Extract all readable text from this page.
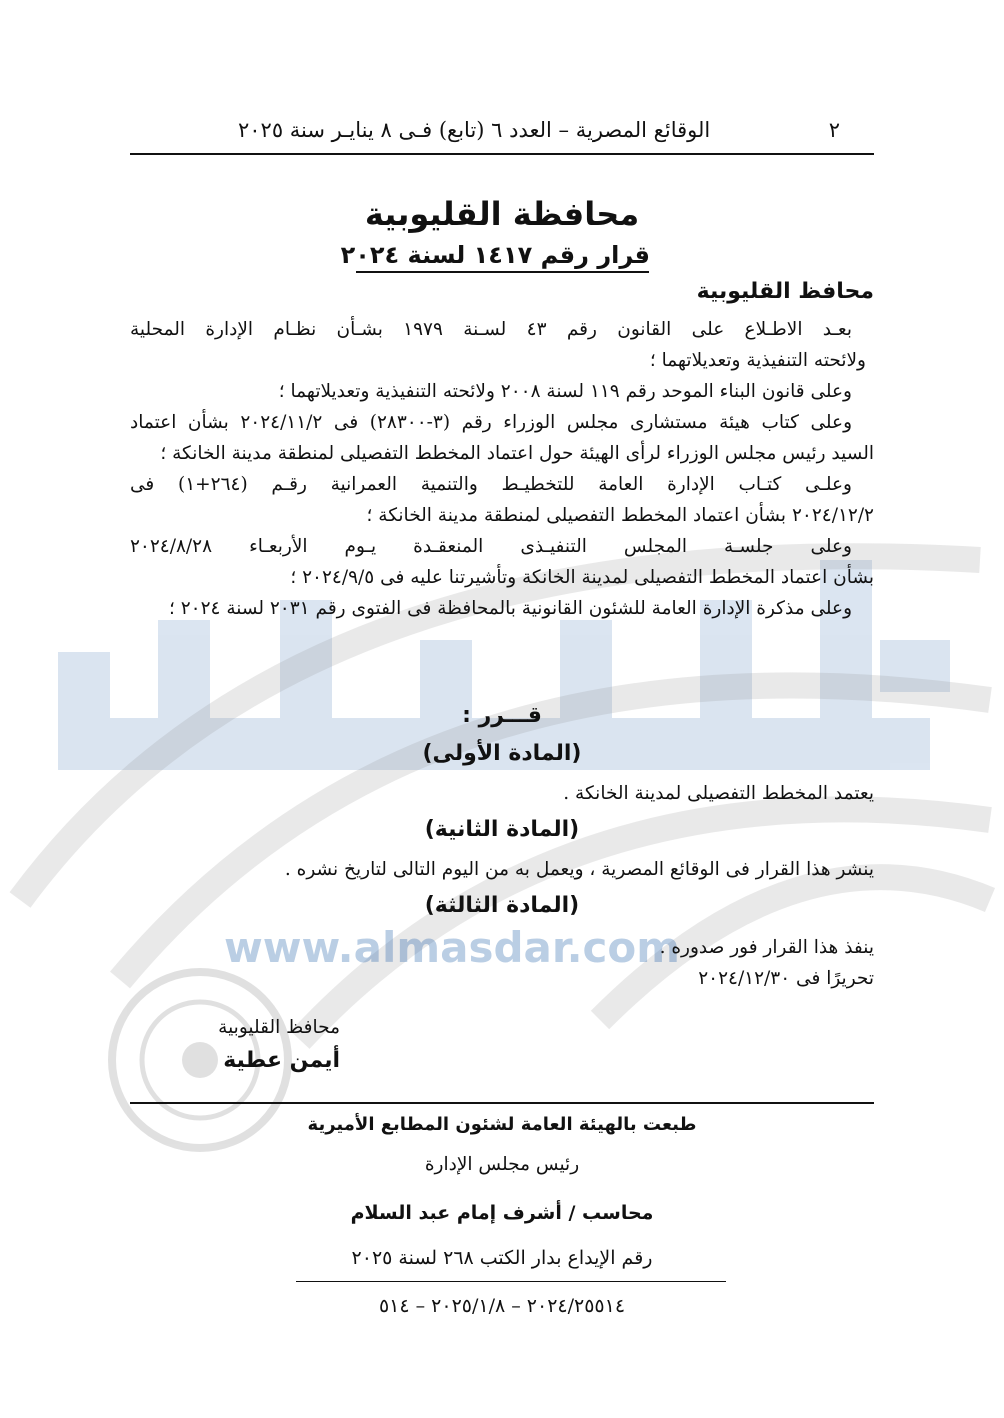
www.almasdar.com
٢
الوقائع المصرية – العدد ٦ (تابع) فـى ٨ ينايـر سنة ٢٠٢٥
محافظة القليوبية
قرار رقم ١٤١٧ لسنة ٢٠٢٤
محافظ القليوبية
بعـد الاطـلاع على القانون رقم ٤٣ لسـنة ١٩٧٩ بشـأن نظـام الإدارة المحلية
ولائحته التنفيذية وتعديلاتهما ؛
وعلى قانون البناء الموحد رقم ١١٩ لسنة ٢٠٠٨ ولائحته التنفيذية وتعديلاتهما ؛
وعلى كتاب هيئة مستشارى مجلس الوزراء رقم (٣-٢٨٣٠٠) فى ٢٠٢٤/١١/٢ بشأن اعتماد
السيد رئيس مجلس الوزراء لرأى الهيئة حول اعتماد المخطط التفصيلى لمنطقة مدينة الخانكة ؛
وعلـى كتـاب الإدارة العامة للتخطيـط والتنمية العمرانية رقـم (٢٦٤+١) فى
٢٠٢٤/١٢/٢ بشأن اعتماد المخطط التفصيلى لمنطقة مدينة الخانكة ؛
وعلى جلسـة المجلس التنفيـذى المنعقـدة يـوم الأربعـاء ٢٠٢٤/٨/٢٨
بشأن اعتماد المخطط التفصيلى لمدينة الخانكة وتأشيرتنا عليه فى ٢٠٢٤/٩/٥ ؛
وعلى مذكرة الإدارة العامة للشئون القانونية بالمحافظة فى الفتوى رقم ٢٠٣١ لسنة ٢٠٢٤ ؛
قـــرر :
(المادة الأولى)
يعتمد المخطط التفصيلى لمدينة الخانكة .
(المادة الثانية)
ينشر هذا القرار فى الوقائع المصرية ، ويعمل به من اليوم التالى لتاريخ نشره .
(المادة الثالثة)
ينفذ هذا القرار فور صدوره .
تحريرًا فى ٢٠٢٤/١٢/٣٠
محافظ القليوبية
أيمن عطية
طبعت بالهيئة العامة لشئون المطابع الأميرية
رئيس مجلس الإدارة
محاسب / أشرف إمام عبد السلام
رقم الإيداع بدار الكتب ٢٦٨ لسنة ٢٠٢٥
٢٠٢٤/٢٥٥١٤ – ٢٠٢٥/١/٨ – ٥١٤
